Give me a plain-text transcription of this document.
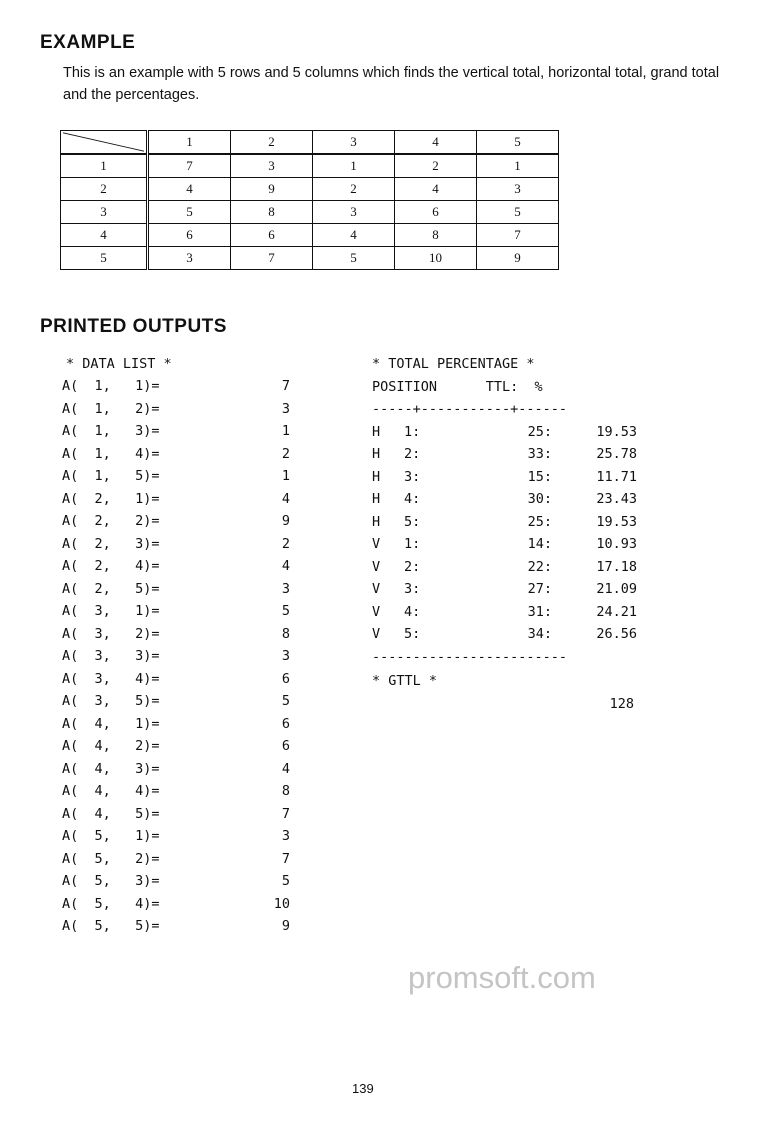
EXAMPLE
This is an example with 5 rows and 5 columns which finds the vertical total, horizontal total, grand total and the percentages.
	1	2	3	4	5
1	7	3	1	2	1
2	4	9	2	4	3
3	5	8	3	6	5
4	6	6	4	8	7
5	3	7	5	10	9
PRINTED OUTPUTS
* DATA LIST *
A(  1,   1)=	7
A(  1,   2)=	3
A(  1,   3)=	1
A(  1,   4)=	2
A(  1,   5)=	1
A(  2,   1)=	4
A(  2,   2)=	9
A(  2,   3)=	2
A(  2,   4)=	4
A(  2,   5)=	3
A(  3,   1)=	5
A(  3,   2)=	8
A(  3,   3)=	3
A(  3,   4)=	6
A(  3,   5)=	5
A(  4,   1)=	6
A(  4,   2)=	6
A(  4,   3)=	4
A(  4,   4)=	8
A(  4,   5)=	7
A(  5,   1)=	3
A(  5,   2)=	7
A(  5,   3)=	5
A(  5,   4)=	10
A(  5,   5)=	9
* TOTAL PERCENTAGE *
POSITION      TTL:  %
-----+-----------+------
H 1:	25:	19.53
H 2:	33:	25.78
H 3:	15:	11.71
H 4:	30:	23.43
H 5:	25:	19.53
V 1:	14:	10.93
V 2:	22:	17.18
V 3:	27:	21.09
V 4:	31:	24.21
V 5:	34:	26.56
------------------------
* GTTL *
128
promsoft.com
139
